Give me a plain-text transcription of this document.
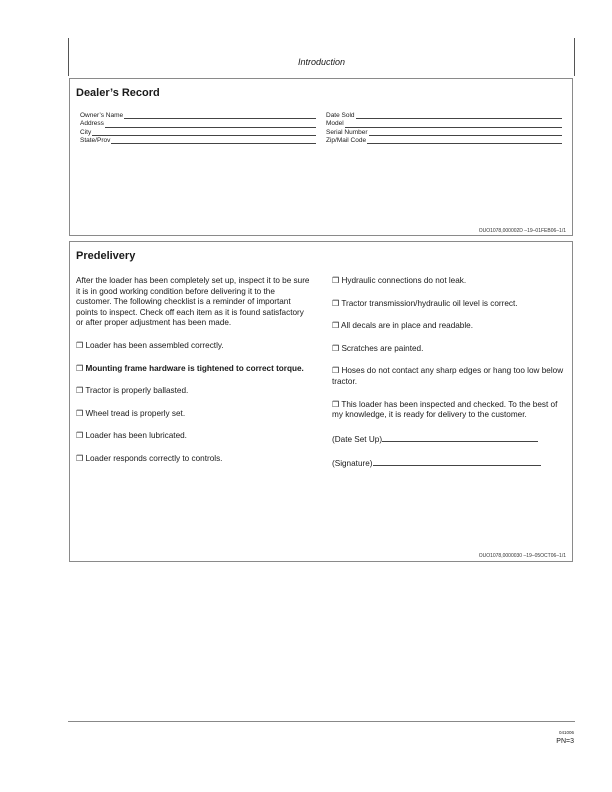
Introduction
Dealer’s Record
Owner’s Name
Address
City
State/Prov
Date Sold
Model
Serial Number
Zip/Mail Code
OUO1078,000002D –19–01FEB06–1/1
Predelivery

After the loader has been completely set up, inspect it to be sure it is in good working condition before delivering it to the customer. The following checklist is a reminder of important points to inspect. Check off each item as it is found satisfactory or after proper adjustment has been made.

❒ Loader has been assembled correctly.

❒ Mounting frame hardware is tightened to correct torque.

❒ Tractor is properly ballasted.

❒ Wheel tread is properly set.

❒ Loader has been lubricated.

❒ Loader responds correctly to controls.

❒ Hydraulic connections do not leak.

❒ Tractor transmission/hydraulic oil level is correct.

❒ All decals are in place and readable.

❒ Scratches are painted.

❒ Hoses do not contact any sharp edges or hang too low below tractor.

❒ This loader has been inspected and checked. To the best of my knowledge, it is ready for delivery to the customer.

(Date Set Up)

(Signature)

OUO1078,0000030 –19–05OCT06–1/1
041006
PN=3
